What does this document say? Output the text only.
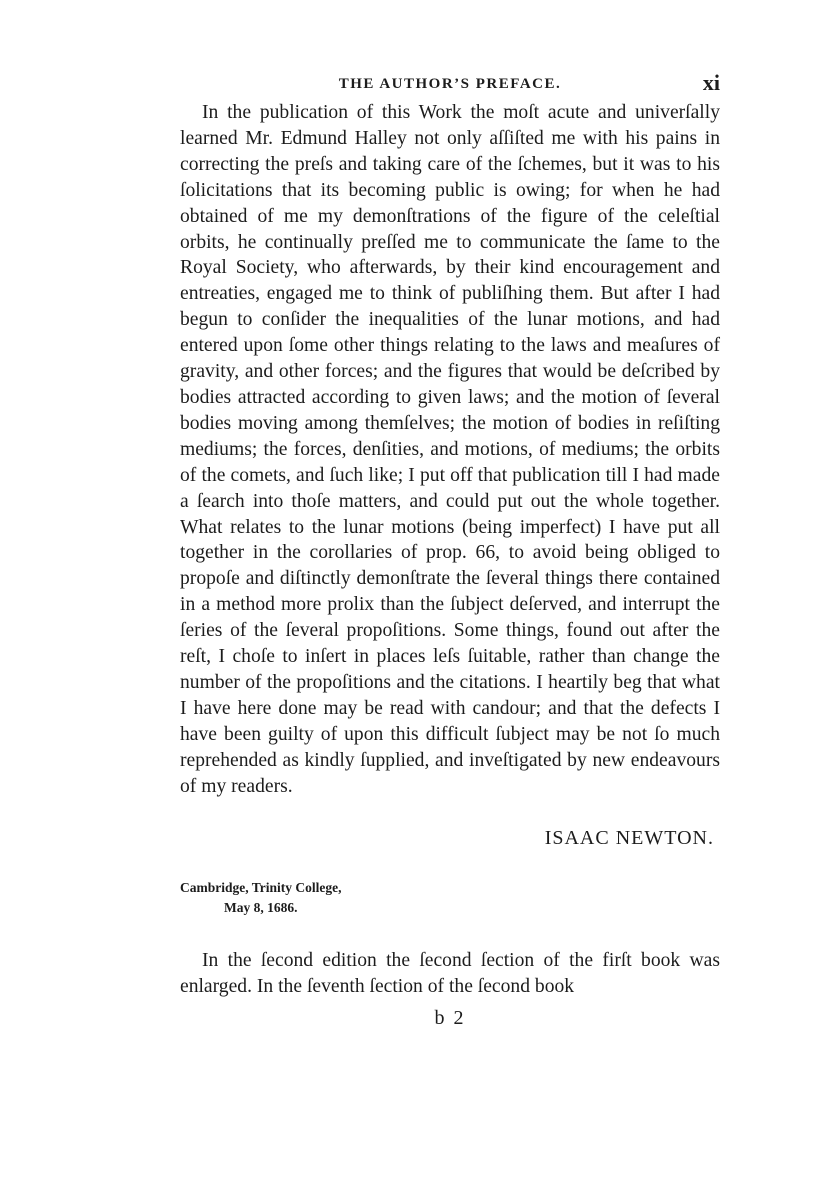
THE AUTHOR’S PREFACE.	xi

In the publication of this Work the moſt acute and univerſally learned Mr. Edmund Halley not only aſſiſted me with his pains in correcting the preſs and taking care of the ſchemes, but it was to his ſolicitations that its becoming public is owing; for when he had obtained of me my demonſtrations of the figure of the celeſtial orbits, he continually preſſed me to communicate the ſame to the Royal Society, who afterwards, by their kind encouragement and entreaties, engaged me to think of publiſhing them. But after I had begun to conſider the inequalities of the lunar motions, and had entered upon ſome other things relating to the laws and meaſures of gravity, and other forces; and the figures that would be deſcribed by bodies attracted according to given laws; and the motion of ſeveral bodies moving among themſelves; the motion of bodies in reſiſting mediums; the forces, denſities, and motions, of mediums; the orbits of the comets, and ſuch like; I put off that publication till I had made a ſearch into thoſe matters, and could put out the whole together. What relates to the lunar motions (being imperfect) I have put all together in the corollaries of prop. 66, to avoid being obliged to propoſe and diſtinctly demonſtrate the ſeveral things there contained in a method more prolix than the ſubject deſerved, and interrupt the ſeries of the ſeveral propoſitions. Some things, found out after the reſt, I choſe to inſert in places leſs ſuitable, rather than change the number of the propoſitions and the citations. I heartily beg that what I have here done may be read with candour; and that the defects I have been guilty of upon this difficult ſubject may be not ſo much reprehended as kindly ſupplied, and inveſtigated by new endeavours of my readers.

ISAAC NEWTON.
Cambridge, Trinity College,
May 8, 1686.

In the ſecond edition the ſecond ſection of the firſt book was enlarged. In the ſeventh ſection of the ſecond book

b 2
